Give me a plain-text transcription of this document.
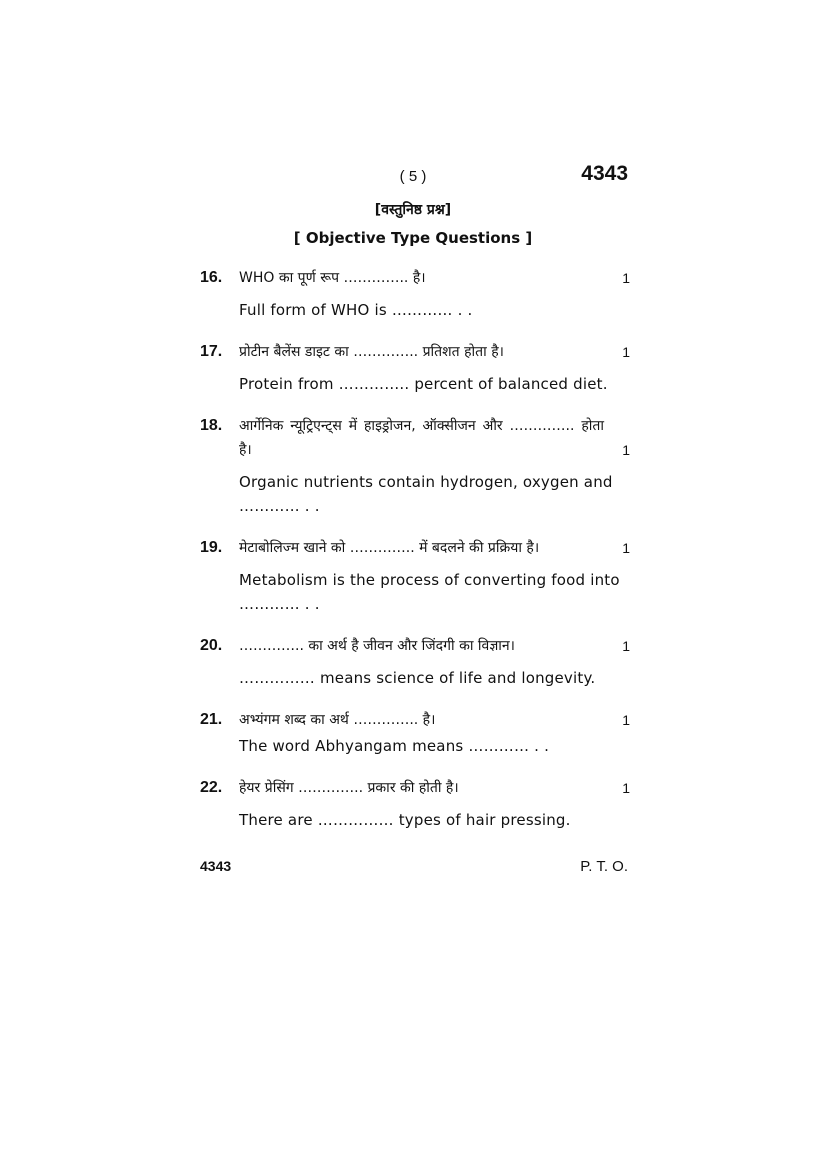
( 5 )	4343
[वस्तुनिष्ठ प्रश्न]
[ Objective Type Questions ]
16. WHO का पूर्ण रूप ………….. है।	1
Full form of WHO is ………… . .
17. प्रोटीन बैलेंस डाइट का ………….. प्रतिशत होता है।	1
Protein from ………….. percent of balanced diet.
18. आर्गेनिक न्यूट्रिएन्ट्स में हाइड्रोजन, ऑक्सीजन और ………….. होता है।	1
Organic nutrients contain hydrogen, oxygen and ………… . .
19. मेटाबोलिज्म खाने को ………….. में बदलने की प्रक्रिया है।	1
Metabolism is the process of converting food into ………… . .
20. ………….. का अर्थ है जीवन और जिंदगी का विज्ञान।	1
…………… means science of life and longevity.
21. अभ्यंगम शब्द का अर्थ ………….. है।	1
The word Abhyangam means ………… . .
22. हेयर प्रेसिंग ………….. प्रकार की होती है।	1
There are …………… types of hair pressing.
4343	P. T. O.
